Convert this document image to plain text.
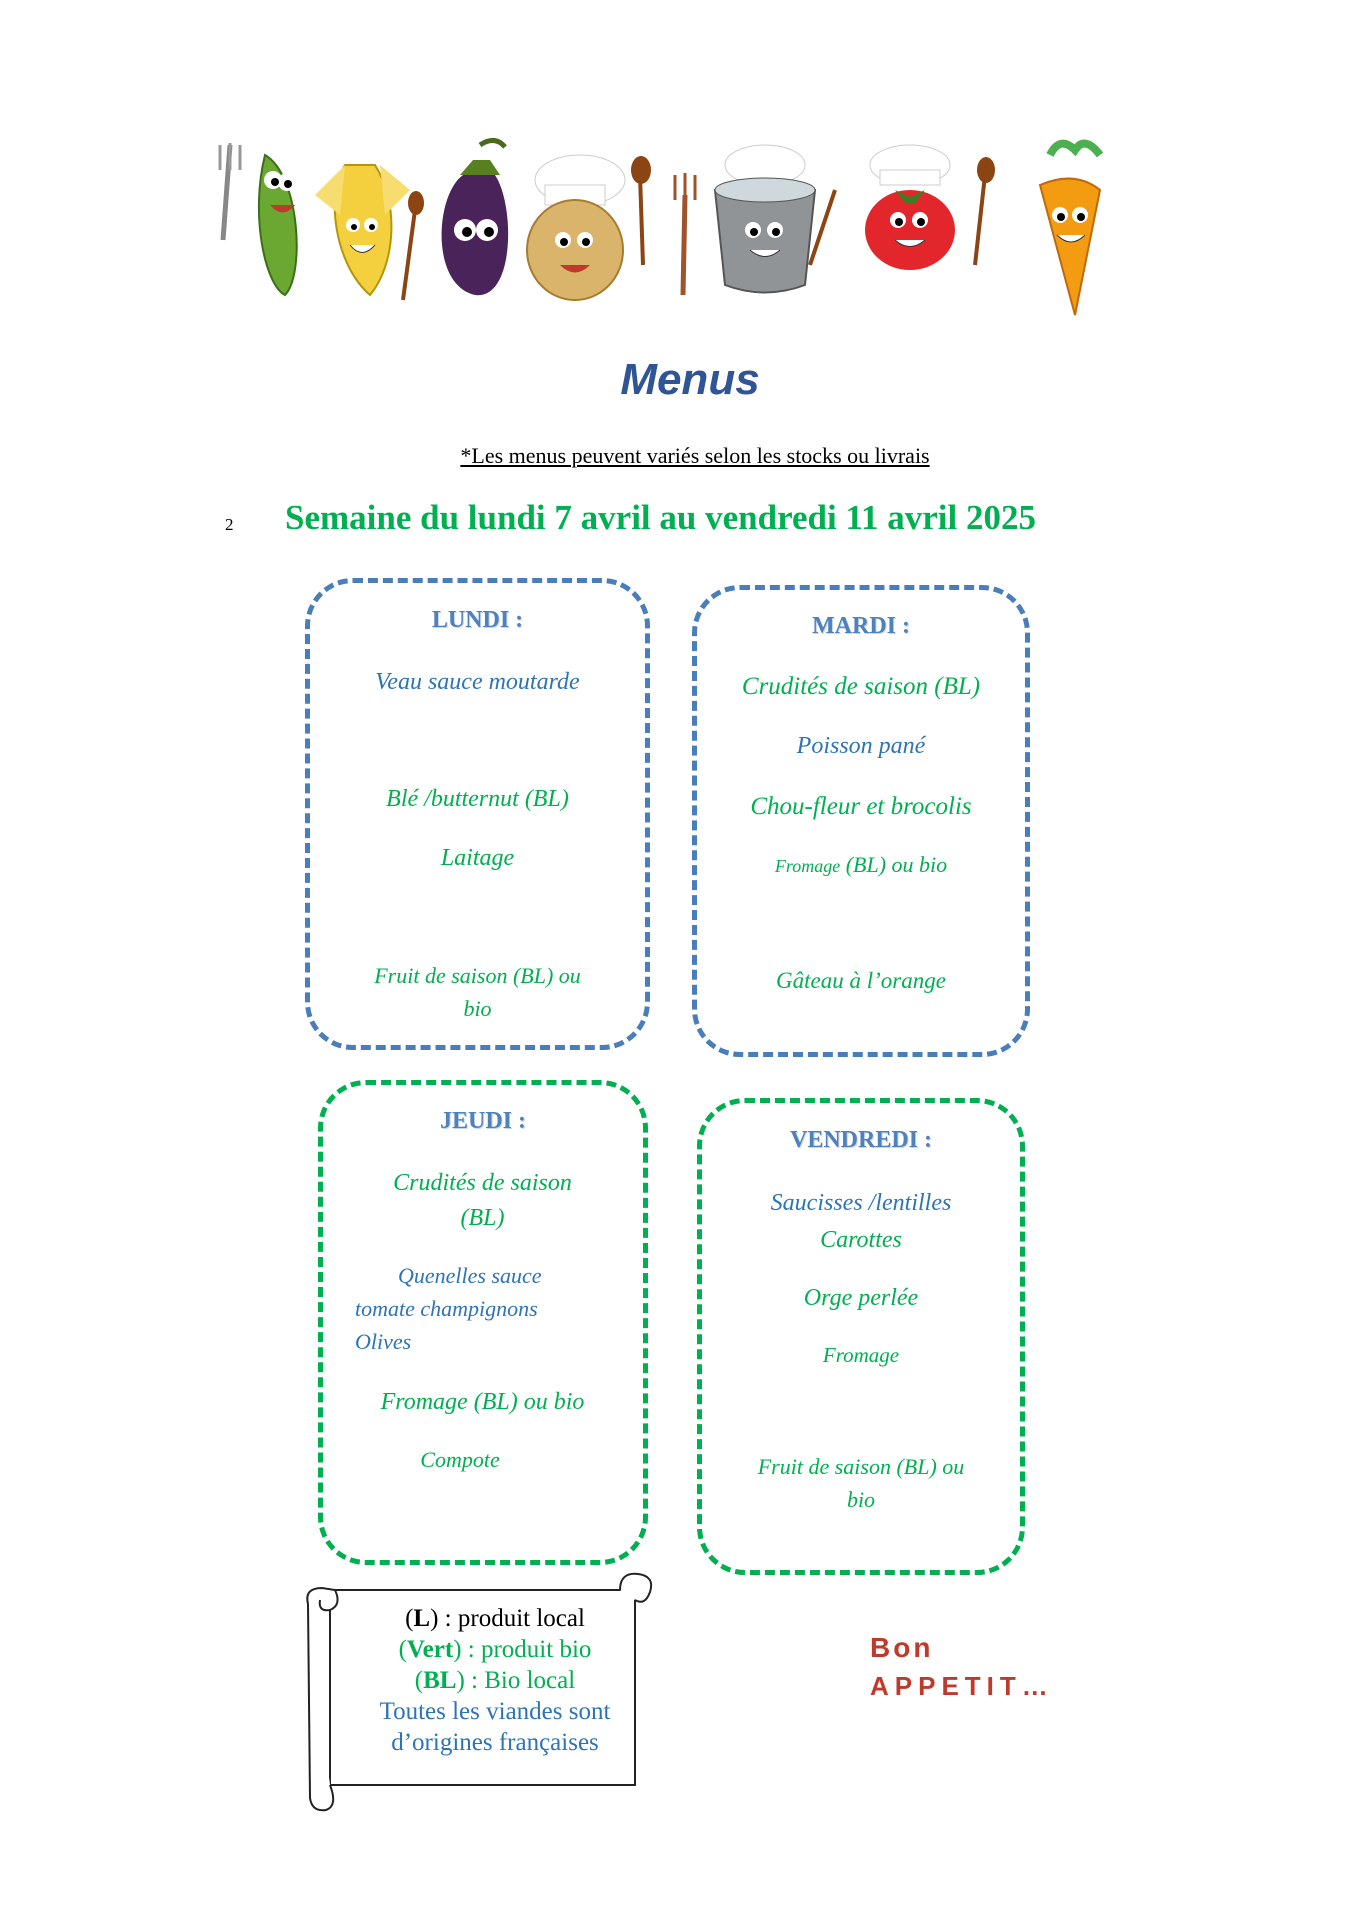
Menus
*Les menus peuvent variés selon les stocks ou livrais
2 Semaine du lundi 7 avril au vendredi 11 avril 2025
LUNDI :
Veau sauce moutarde
Blé /butternut (BL)
Laitage
Fruit de saison (BL) ou
bio
MARDI :
Crudités de saison (BL)
Poisson pané
Chou-fleur et brocolis
Fromage (BL) ou bio
Gâteau à l’orange
JEUDI :
Crudités de saison
(BL)
Quenelles sauce
tomate champignons
Olives
Fromage (BL) ou bio
Compote
VENDREDI :
Saucisses /lentilles
Carottes
Orge perlée
Fromage
Fruit de saison (BL) ou
bio
(L) : produit local
(Vert) : produit bio
(BL) : Bio local
Toutes les viandes sont
d’origines françaises
Bon
APPETIT…
